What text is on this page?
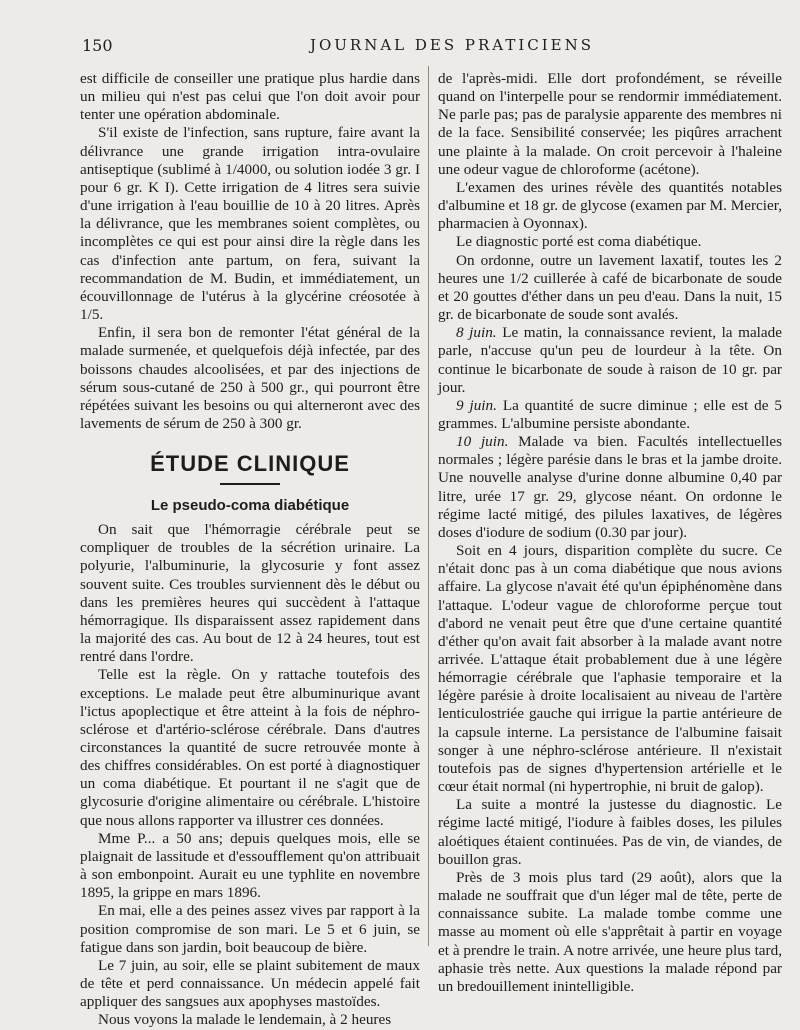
150	JOURNAL DES PRATICIENS

est difficile de conseiller une pratique plus hardie dans un milieu qui n'est pas celui que l'on doit avoir pour tenter une opération abdominale.

S'il existe de l'infection, sans rupture, faire avant la délivrance une grande irrigation intra-ovulaire antiseptique (sublimé à 1/4000, ou solution iodée 3 gr. I pour 6 gr. K I). Cette irrigation de 4 litres sera suivie d'une irrigation à l'eau bouillie de 10 à 20 litres. Après la délivrance, que les membranes soient complètes, ou incomplètes ce qui est pour ainsi dire la règle dans les cas d'infection ante partum, on fera, suivant la recommandation de M. Budin, et immédiatement, un écouvillonnage de l'utérus à la glycérine créosotée à 1/5.

Enfin, il sera bon de remonter l'état général de la malade surmenée, et quelquefois déjà infectée, par des boissons chaudes alcoolisées, et par des injections de sérum sous-cutané de 250 à 500 gr., qui pourront être répétées suivant les besoins ou qui alterneront avec des lavements de sérum de 250 à 300 gr.

ÉTUDE CLINIQUE
Le pseudo-coma diabétique

On sait que l'hémorragie cérébrale peut se compliquer de troubles de la sécrétion urinaire. La polyurie, l'albuminurie, la glycosurie y font assez souvent suite. Ces troubles surviennent dès le début ou dans les premières heures qui succèdent à l'attaque hémorragique. Ils disparaissent assez rapidement dans la majorité des cas. Au bout de 12 à 24 heures, tout est rentré dans l'ordre.

Telle est la règle. On y rattache toutefois des exceptions. Le malade peut être albuminurique avant l'ictus apoplectique et être atteint à la fois de néphro-sclérose et d'artério-sclérose cérébrale. Dans d'autres circonstances la quantité de sucre retrouvée monte à des chiffres considérables. On est porté à diagnostiquer un coma diabétique. Et pourtant il ne s'agit que de glycosurie d'origine alimentaire ou cérébrale. L'histoire que nous allons rapporter va illustrer ces données.

Mme P... a 50 ans; depuis quelques mois, elle se plaignait de lassitude et d'essoufflement qu'on attribuait à son embonpoint. Aurait eu une typhlite en novembre 1895, la grippe en mars 1896.

En mai, elle a des peines assez vives par rapport à la position compromise de son mari. Le 5 et 6 juin, se fatigue dans son jardin, boit beaucoup de bière.

Le 7 juin, au soir, elle se plaint subitement de maux de tête et perd connaissance. Un médecin appelé fait appliquer des sangsues aux apophyses mastoïdes.

Nous voyons la malade le lendemain, à 2 heures

de l'après-midi. Elle dort profondément, se réveille quand on l'interpelle pour se rendormir immédiatement. Ne parle pas; pas de paralysie apparente des membres ni de la face. Sensibilité conservée; les piqûres arrachent une plainte à la malade. On croit percevoir à l'haleine une odeur vague de chloroforme (acétone).

L'examen des urines révèle des quantités notables d'albumine et 18 gr. de glycose (examen par M. Mercier, pharmacien à Oyonnax).

Le diagnostic porté est coma diabétique.

On ordonne, outre un lavement laxatif, toutes les 2 heures une 1/2 cuillerée à café de bicarbonate de soude et 20 gouttes d'éther dans un peu d'eau. Dans la nuit, 15 gr. de bicarbonate de soude sont avalés.

8 juin. Le matin, la connaissance revient, la malade parle, n'accuse qu'un peu de lourdeur à la tête. On continue le bicarbonate de soude à raison de 10 gr. par jour.

9 juin. La quantité de sucre diminue ; elle est de 5 grammes. L'albumine persiste abondante.

10 juin. Malade va bien. Facultés intellectuelles normales ; légère parésie dans le bras et la jambe droite. Une nouvelle analyse d'urine donne albumine 0,40 par litre, urée 17 gr. 29, glycose néant. On ordonne le régime lacté mitigé, des pilules laxatives, de légères doses d'iodure de sodium (0.30 par jour).

Soit en 4 jours, disparition complète du sucre. Ce n'était donc pas à un coma diabétique que nous avions affaire. La glycose n'avait été qu'un épiphénomène dans l'attaque. L'odeur vague de chloroforme perçue tout d'abord ne venait peut être que d'une certaine quantité d'éther qu'on avait fait absorber à la malade avant notre arrivée. L'attaque était probablement due à une légère hémorragie cérébrale que l'aphasie temporaire et la légère parésie à droite localisaient au niveau de l'artère lenticulostriée gauche qui irrigue la partie antérieure de la capsule interne. La persistance de l'albumine faisait songer à une néphro-sclérose antérieure. Il n'existait toutefois pas de signes d'hypertension artérielle et le cœur était normal (ni hypertrophie, ni bruit de galop).

La suite a montré la justesse du diagnostic. Le régime lacté mitigé, l'iodure à faibles doses, les pilules aloétiques étaient continuées. Pas de vin, de viandes, de bouillon gras.

Près de 3 mois plus tard (29 août), alors que la malade ne souffrait que d'un léger mal de tête, perte de connaissance subite. La malade tombe comme une masse au moment où elle s'apprêtait à partir en voyage et à prendre le train. A notre arrivée, une heure plus tard, aphasie très nette. Aux questions la malade répond par un bredouillement inintelligible.
